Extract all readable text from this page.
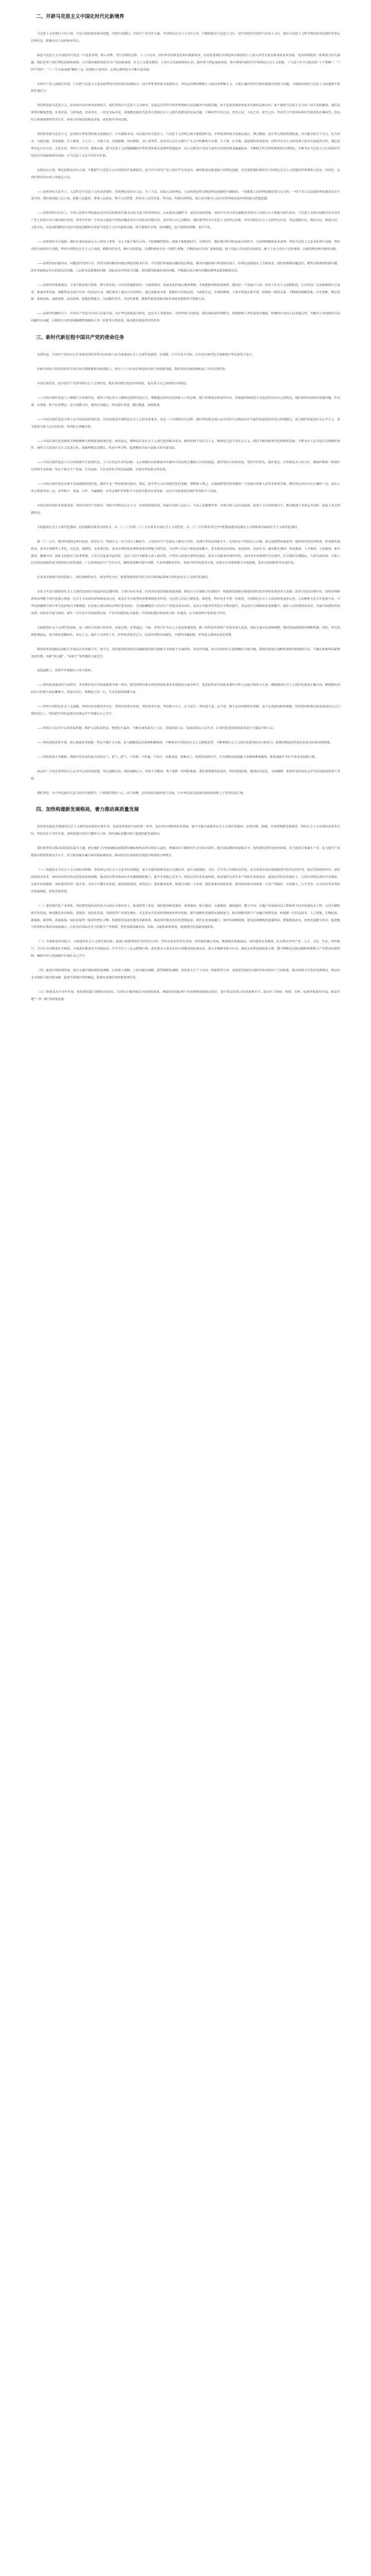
二、开辟马克思主义中国化时代化新境界

马克思主义是我们立党立国、兴党兴国的根本指导思想。实践告诉我们，中国共产党为什么能，中国特色社会主义为什么好，归根到底是马克思主义行，是中国化时代化的马克思主义行。拥有马克思主义科学理论指导是我们党坚定信仰信念、把握历史主动的根本所在。

推进马克思主义中国化时代化是一个追求真理、揭示真理、笃行真理的过程。十八大以来，国内外形势新变化和实践新要求，迫切需要我们从理论和实践的结合上深入回答关系党和国家事业发展、党治国理政的一系列重大时代课题。我们党勇于进行理论探索和创新，以全新的视野深化对共产党执政规律、社会主义建设规律、人类社会发展规律的认识，取得重大理论创新成果，集中体现为新时代中国特色社会主义思想。十九届六中全会提出的“十个明确”、“十四个坚持”、“十三个方面成就”概括了这一思想的主要内容，必须长期坚持并不断丰富发展。

中国共产党人深刻认识到，只有把马克思主义基本原理同中国具体实际相结合、同中华优秀传统文化相结合，坚持运用辩证唯物主义和历史唯物主义，才能正确回答时代和实践提出的重大问题，才能始终保持马克思主义的蓬勃生机和旺盛活力。

坚持和发展马克思主义，必须同中国具体实际相结合。我们坚持以马克思主义为指导，是要运用其科学的世界观和方法论解决中国的问题，而不是要背诵和重复其具体结论和词句，更不能把马克思主义当成一成不变的教条。我们必须坚持解放思想、实事求是、与时俱进、求真务实，一切从实际出发，着眼解决新时代改革开放和社会主义现代化建设的实际问题，不断回答中国之问、世界之问、人民之问、时代之问，作出符合中国实际和时代要求的正确回答，得出符合客观规律的科学认识，形成与时俱进的理论成果，更好指导中国实践。

坚持和发展马克思主义，必须同中华优秀传统文化相结合。只有植根本国、本民族历史文化沃土，马克思主义真理之树才能根深叶茂。中华优秀传统文化源远流长、博大精深，是中华文明的智慧结晶，其中蕴含的天下为公、民为邦本、为政以德、革故鼎新、任人唯贤、天人合一、自强不息、厚德载物、讲信修睦、亲仁善邻等，是中国人民在长期生产生活中积累的宇宙观、天下观、社会观、道德观的重要体现，同科学社会主义价值观主张具有高度契合性。我们必须坚定历史自信、文化自信，坚持古为今用、推陈出新，把马克思主义思想精髓同中华优秀传统文化精华贯通起来、同人民群众日用而不觉的共同价值观念融通起来，不断赋予科学理论鲜明的中国特色，不断夯实马克思主义中国化时代化的历史基础和群众基础，让马克思主义在中国牢牢扎根。

实践没有止境，理论创新也没有止境。不断谱写马克思主义中国化时代化新篇章，是当代中国共产党人的庄严历史责任。继续推进实践基础上的理论创新，首先要把握好新时代中国特色社会主义思想的世界观和方法论，坚持好、运用好贯穿其中的立场观点方法。

——必须坚持人民至上。人民性是马克思主义的本质属性，党的理论是来自人民、为了人民、造福人民的理论，人民的创造性实践是理论创新的不竭源泉。一切脱离人民的理论都是苍白无力的，一切不为人民造福的理论都是没有生命力的。我们要站稳人民立场、把握人民愿望、尊重人民创造、集中人民智慧，形成为人民所喜爱、所认同、所拥有的理论，使之成为指导人民认识世界和改造世界的强大思想武器。

——必须坚持自信自立。中国人民和中华民族从近代以后的深重苦难走向伟大复兴的光明前景，从来就没有教科书，更没有现成答案。党的百年奋斗成功道路是党领导人民独立自主探索开辟出来的，马克思主义的中国篇章是中国共产党人依靠自身力量实践出来的，贯穿其中的一个基本点就是中国的问题必须从中国基本国情出发，由中国人自己来解答。我们要坚持对马克思主义的坚定信仰、对中国特色社会主义的坚定信念，坚定道路自信、理论自信、制度自信、文化自信，以更加积极的历史担当和创造精神为发展马克思主义作出新的贡献，既不能刻舟求剑、封闭僵化，也不能照抄照搬、食洋不化。

——必须坚持守正创新。我们从事的是前无古人的伟大事业，守正才能不迷失方向、不犯颠覆性错误，创新才能把握时代、引领时代。我们要以科学的态度对待科学、以真理的精神追求真理，坚持马克思主义基本原理不动摇，坚持党的全面领导不动摇，坚持中国特色社会主义不动摇，紧跟时代步伐，顺应实践发展，以满腔热忱对待一切新生事物，不断拓展认识的广度和深度，敢于说前人没有说过的新话，敢于干前人没有干过的事情，以新的理论指导新的实践。

——必须坚持问题导向。问题是时代的声音，回答并指导解决问题是理论的根本任务。今天我们所面临问题的复杂程度、解决问题的艰巨程度明显加大，给理论创新提出了全新要求。我们要增强问题意识，聚焦实践遇到的新问题、改革发展稳定存在的深层次问题、人民群众急难愁盼问题、国际变局中的重大问题、党的建设面临的突出问题，不断提出真正解决问题的新理念新思路新办法。

——必须坚持系统观念。万事万物是相互联系、相互依存的。只有用普遍联系的、全面系统的、发展变化的观点观察事物，才能把握事物发展规律。我国是一个发展中大国，仍处于社会主义初级阶段，正在经历广泛而深刻的社会变革，推进改革发展、调整利益关系往往牵一发而动全身。我们要善于通过历史看现实、透过现象看本质，把握好全局和局部、当前和长远、宏观和微观、主要矛盾和次要矛盾、特殊和一般的关系，不断提高战略思维、历史思维、辩证思维、系统思维、创新思维、法治思维、底线思维能力，为前瞻性思考、全局性谋划、整体性推进党和国家各项事业提供科学思想方法。

——必须坚持胸怀天下。中国共产党是为中国人民谋幸福、为中华民族谋复兴的党，也是为人类谋进步、为世界谋大同的党。我们要拓展世界眼光，深刻洞察人类发展进步潮流，积极回应各国人民普遍关切，为解决人类面临的共同问题作出贡献，以海纳百川的宽阔胸襟借鉴吸收人类一切优秀文明成果，推动建设更加美好的世界。

三、新时代新征程中国共产党的使命任务

从现在起，中国共产党的中心任务就是团结带领全国各族人民全面建成社会主义现代化强国、实现第二个百年奋斗目标，以中国式现代化全面推进中华民族伟大复兴。

在新中国成立特别是改革开放以来长期探索和实践基础上，经过十八大以来在理论和实践上的创新突破，我们党成功推进和拓展了中国式现代化。

中国式现代化，是中国共产党领导的社会主义现代化，既有各国现代化的共同特征，更有基于自己国情的中国特色。

——中国式现代化是人口规模巨大的现代化。我国十四亿多人口整体迈进现代化社会，规模超过现有发达国家人口的总和，艰巨性和复杂性前所未有，发展途径和推进方式也必然具有自己的特点。我们始终从国情出发想问题、作决策、办事情，既不好高骛远，也不因循守旧，保持历史耐心，坚持稳中求进、循序渐进、持续推进。

——中国式现代化是全体人民共同富裕的现代化。共同富裕是中国特色社会主义的本质要求，也是一个长期的历史过程。我们坚持把实现人民对美好生活的向往作为现代化建设的出发点和落脚点，着力维护和促进社会公平正义，着力促进全体人民共同富裕，坚决防止两极分化。

——中国式现代化是物质文明和精神文明相协调的现代化。物质富足、精神富有是社会主义现代化的根本要求。物质贫困不是社会主义，精神贫乏也不是社会主义。我们不断厚植现代化的物质基础，不断夯实人民幸福生活的物质条件，同时大力发展社会主义先进文化，加强理想信念教育，传承中华文明，促进物的全面丰富和人的全面发展。

——中国式现代化是人与自然和谐共生的现代化。人与自然是生命共同体，无止境地向自然索取甚至破坏自然必然会遭到大自然的报复。我们坚持可持续发展，坚持节约优先、保护优先、自然恢复为主的方针，像保护眼睛一样保护自然和生态环境，坚定不移走生产发展、生活富裕、生态良好的文明发展道路，实现中华民族永续发展。

——中国式现代化是走和平发展道路的现代化。我国不走一些国家通过战争、殖民、掠夺等方式实现现代化的老路，那种损人利己、充满血腥罪恶的老路给广大发展中国家人民带来深重苦难。我们坚定站在历史正确的一边、站在人类文明进步的一边，高举和平、发展、合作、共赢旗帜，在坚定维护世界和平与发展中谋求自身发展，又以自身发展更好维护世界和平与发展。

中国式现代化的本质要求是：坚持中国共产党领导，坚持中国特色社会主义，实现高质量发展，发展全过程人民民主，丰富人民精神世界，实现全体人民共同富裕，促进人与自然和谐共生，推动构建人类命运共同体，创造人类文明新形态。

全面建成社会主义现代化强国，总的战略安排是分两步走：从二〇二〇年到二〇三五年基本实现社会主义现代化；从二〇三五年到本世纪中叶把我国建成富强民主文明和谐美丽的社会主义现代化强国。

到二〇三五年，我国发展的总体目标是：经济实力、科技实力、综合国力大幅跃升，人均国内生产总值迈上新的大台阶，达到中等发达国家水平；实现高水平科技自立自强，进入创新型国家前列；建成现代化经济体系，形成新发展格局，基本实现新型工业化、信息化、城镇化、农业现代化；基本实现国家治理体系和治理能力现代化，全过程人民民主制度更加健全，基本建成法治国家、法治政府、法治社会；建成教育强国、科技强国、人才强国、文化强国、体育强国、健康中国，国家文化软实力显著增强；人民生活更加幸福美好，居民人均可支配收入再上新台阶，中等收入群体比重明显提高，基本公共服务实现均等化，农村基本具备现代生活条件，社会保持长期稳定，人的全面发展、全体人民共同富裕取得更为明显的实质性进展；广泛形成绿色生产生活方式，碳排放达峰后稳中有降，生态环境根本好转，美丽中国目标基本实现；国家安全体系和能力全面加强，基本实现国防和军队现代化。

在基本实现现代化的基础上，我们要继续奋斗，到本世纪中叶，把我国建设成为综合国力和国际影响力领先的社会主义现代化强国。

未来五年是全面建设社会主义现代化国家开局起步的关键时期。主要目标任务是：经济高质量发展取得新突破，科技自立自强能力显著提升，构建新发展格局和建设现代化经济体系取得重大进展；改革开放迈出新步伐，国家治理体系和治理能力现代化深入推进，社会主义市场经济体制更加完善，更高水平开放型经济新体制基本形成；全过程人民民主制度化、规范化、程序化水平进一步提高，中国特色社会主义法治体系更加完善；人民精神文化生活更加丰富，中华民族凝聚力和中华文化影响力不断增强；居民收入增长和经济增长基本同步，劳动报酬提高与劳动生产率提高基本同步，基本公共服务均等化水平明显提升，多层次社会保障体系更加健全；城乡人居环境明显改善，美丽中国建设成效显著；国家安全更为巩固，建军一百年奋斗目标如期实现，平安中国建设扎实推进；中国国际地位和影响力进一步提高，在全球治理中发挥更大作用。

全面建设社会主义现代化国家，是一项伟大而艰巨的事业，前途光明，任重道远。当前，世界百年未有之大变局加速演进，新一轮科技革命和产业变革深入发展，国际力量对比深刻调整，我国发展面临新的战略机遇。同时，世纪疫情影响深远，逆全球化思潮抬头，单边主义、保护主义明显上升，世界经济复苏乏力，局部冲突和动荡频发，全球性问题加剧，世界进入新的动荡变革期。

我国改革发展稳定面临不少深层次矛盾躲不开、绕不过，党的建设特别是党风廉政建设和反腐败斗争面临不少顽固性、多发性问题，来自外部的打压遏制随时可能升级。我国发展进入战略机遇和风险挑战并存、不确定难预料因素增多的时期，各种“黑天鹅”、“灰犀牛”事件随时可能发生。

前进道路上，必须牢牢把握以下重大原则。

——坚持和加强党的全面领导。坚决维护党中央权威和集中统一领导，把党的领导落实到党和国家事业各领域各方面各环节，使党始终成为风雨来袭时全体人民最可靠的主心骨，确保我国社会主义现代化建设正确方向，确保拥有团结奋斗的强大政治凝聚力、发展自信心，集聚起万众一心、共克时艰的磅礴力量。

——坚持中国特色社会主义道路。坚持以经济建设为中心，坚持四项基本原则，坚持改革开放，坚持独立自主、自力更生，坚持道不变、志不改，既不走封闭僵化的老路，也不走改旗易帜的邪路，坚持把国家和民族发展放在自己力量的基点上，坚持把中国发展进步的命运牢牢掌握在自己手中。

——坚持以人民为中心的发展思想。维护人民根本利益，增进民生福祉，不断实现发展为了人民、发展依靠人民、发展成果由人民共享，让现代化建设成果更多更公平惠及全体人民。

——坚持深化改革开放。深入推进改革创新，坚定不移扩大开放，着力破解深层次体制机制障碍，不断彰显中国特色社会主义制度优势，不断增强社会主义现代化建设的动力和活力，把我国制度优势更好转化为国家治理效能。

——坚持发扬斗争精神。增强全党全国各族人民的志气、骨气、底气，不信邪、不怕鬼、不怕压，知难而进、迎难而上，统筹发展和安全，全力战胜前进道路上各种困难和挑战，依靠顽强斗争打开事业发展新天地。

同志们！全党必须坚持以人民为中心的发展思想，坚定战略自信，保持战略定力，发扬斗争精神，勇于战胜一切风险挑战。我们要增强忧患意识，坚持底线思维，做到居安思危、未雨绸缪，准备经受风高浪急甚至惊涛骇浪的重大考验。

我们坚信，在中华民族伟大复兴的历史进程中，只要我们团结一心、奋力拼搏，必将创造出新的更大奇迹，让中华民族以更加昂扬的姿态屹立于世界民族之林。

四、加快构建新发展格局，着力推动高质量发展

高质量发展是全面建设社会主义现代化国家的首要任务。发展是党执政兴国的第一要务。没有坚实的物质技术基础，就不可能全面建成社会主义现代化强国。必须完整、准确、全面贯彻新发展理念，坚持社会主义市场经济改革方向，坚持高水平对外开放，加快构建以国内大循环为主体、国内国际双循环相互促进的新发展格局。

我们要坚持以推动高质量发展为主题，把实施扩大内需战略同深化供给侧结构性改革有机结合起来，增强国内大循环内生动力和可靠性，提升国际循环质量和水平，加快建设现代化经济体系，着力提高全要素生产率，着力提升产业链供应链韧性和安全水平，着力推进城乡融合和区域协调发展，推动经济实现质的有效提升和量的合理增长。

（一）构建高水平社会主义市场经济体制。坚持和完善社会主义基本经济制度，毫不动摇巩固和发展公有制经济，毫不动摇鼓励、支持、引导非公有制经济发展，充分发挥市场在资源配置中的决定性作用，更好发挥政府作用。深化国资国企改革，加快国有经济布局优化和结构调整，推动国有资本和国有企业做强做优做大，提升企业核心竞争力。优化民营企业发展环境，依法保护民营企业产权和企业家权益，促进民营经济发展壮大。完善中国特色现代企业制度，弘扬企业家精神，加快建设世界一流企业。支持中小微企业发展。深化简政放权、放管结合、优化服务改革。构建全国统一大市场，深化要素市场化改革，建设高标准市场体系。完善产权保护、市场准入、公平竞争、社会信用等市场经济基础制度，优化营商环境。

（二）建设现代化产业体系。坚持把发展经济的着力点放在实体经济上，推进新型工业化，加快建设制造强国、质量强国、航天强国、交通强国、网络强国、数字中国。实施产业基础再造工程和重大技术装备攻关工程，支持专精特新企业发展，推动制造业高端化、智能化、绿色化发展。巩固优势产业领先地位，在关系安全发展的领域加快补齐短板，提升战略性资源供应保障能力。推动战略性新兴产业融合集群发展，构建新一代信息技术、人工智能、生物技术、新能源、新材料、高端装备、绿色环保等一批新的增长引擎。构建优质高效的服务业新体系，推动现代服务业同先进制造业、现代农业深度融合。加快发展物联网，建设高效顺畅的流通体系，降低物流成本。加快发展数字经济，促进数字经济和实体经济深度融合，打造具有国际竞争力的数字产业集群。优化基础设施布局、结构、功能和系统集成，构建现代化基础设施体系。

（三）全面推进乡村振兴。全面建设社会主义现代化国家，最艰巨最繁重的任务仍然在农村。坚持农业农村优先发展，坚持城乡融合发展，畅通城乡要素流动。加快建设农业强国，扎实推动乡村产业、人才、文化、生态、组织振兴。全方位夯实粮食安全根基，全面落实粮食安全党政同责，牢牢守住十八亿亩耕地红线，逐步把永久基本农田全部建成高标准农田，深入实施种业振兴行动，强化农业科技和装备支撑，健全种粮农民收益保障机制和主产区利益补偿机制，确保中国人的饭碗牢牢端在自己手中。

（四）促进区域协调发展。深入实施区域协调发展战略、区域重大战略、主体功能区战略、新型城镇化战略，优化重大生产力布局，构建优势互补、高质量发展的区域经济布局和国土空间体系。推动西部大开发形成新格局，推动东北全面振兴取得新突破，促进中部地区加快崛起，鼓励东部地区加快推进现代化。

（五）推进高水平对外开放。依托我国超大规模市场优势，以国内大循环吸引全球资源要素，增强国内国际两个市场两种资源联动效应，提升贸易投资合作质量和水平。稳步扩大规则、规制、管理、标准等制度型开放。推动共建“一带一路”高质量发展。
